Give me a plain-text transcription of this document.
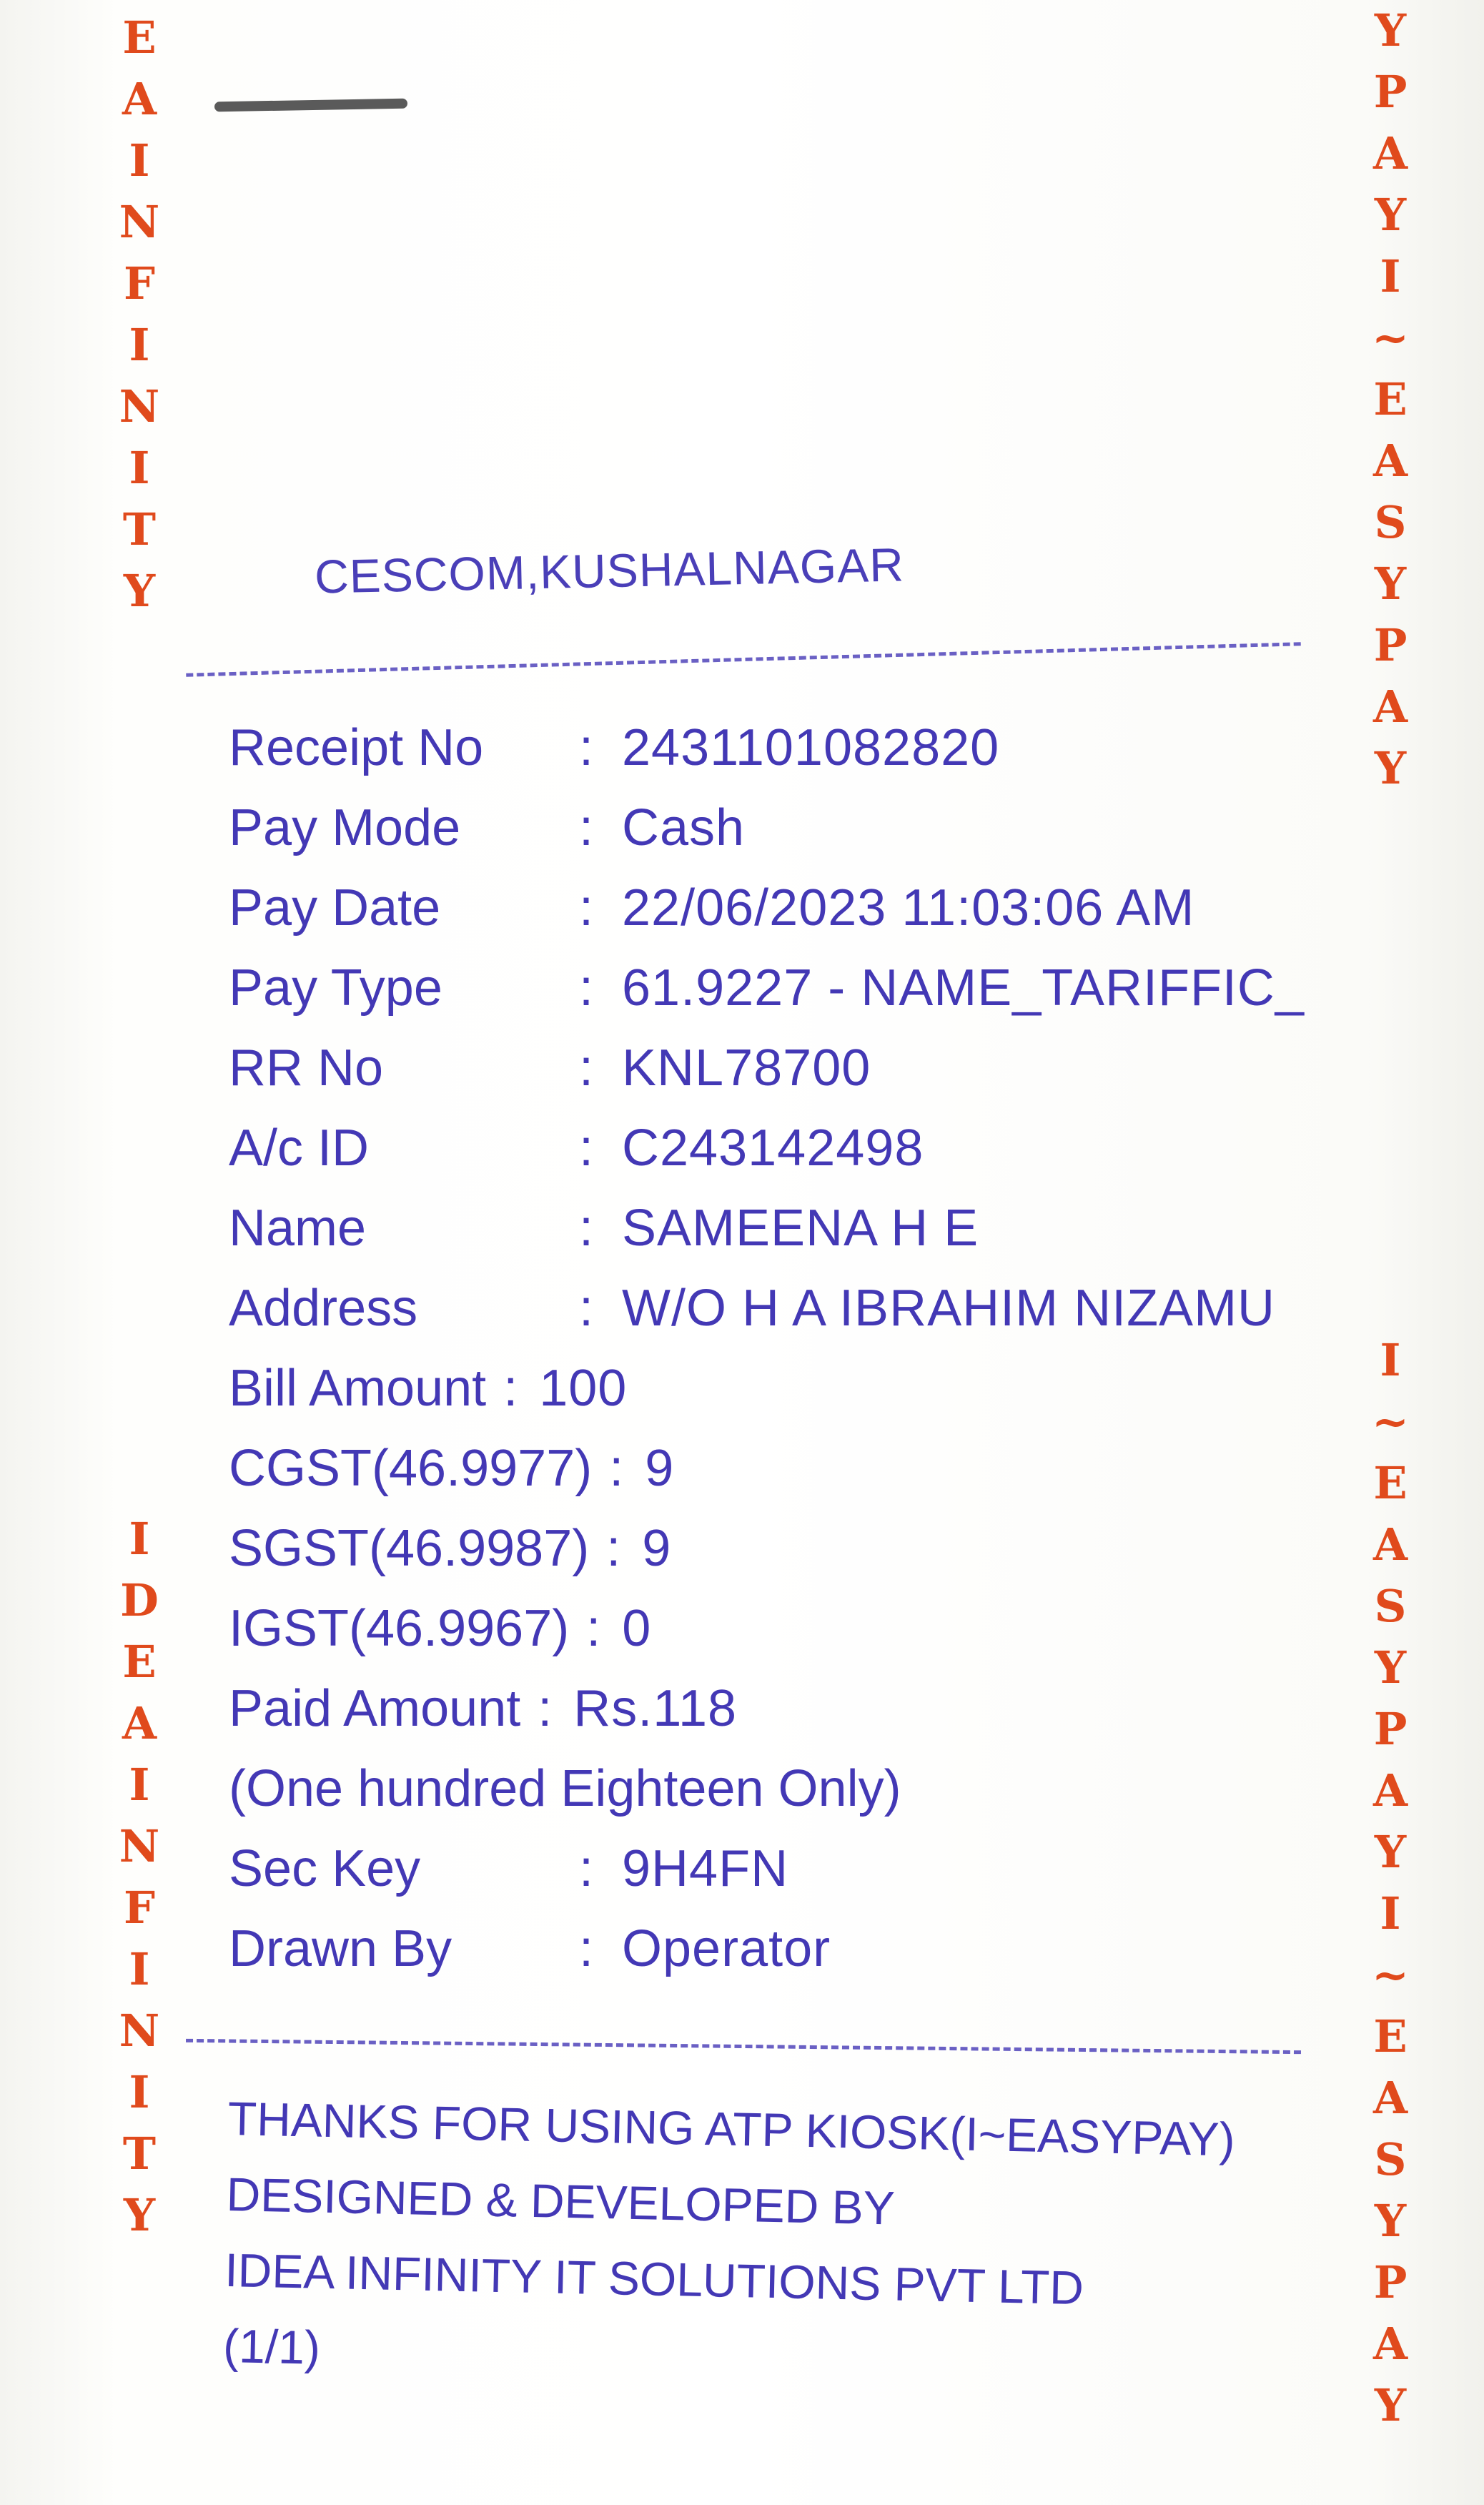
E
A
I
N
F
I
N
I
T
Y
I
D
E
A
I
N
F
I
N
I
T
Y
Y
P
A
Y
I
~
E
A
S
Y
P
A
Y
I
~
E
A
S
Y
P
A
Y
I
~
E
A
S
Y
P
A
Y
CESCOM,KUSHALNAGAR
Receipt No	: 2431101082820
Pay Mode	: Cash
Pay Date	: 22/06/2023 11:03:06 AM
Pay Type	: 61.9227 - NAME_TARIFFIC_
RR No	: KNL78700
A/c ID	: C243142498
Name	: SAMEENA H E
Address	: W/O H A IBRAHIM NIZAMU
Bill Amount : 100
CGST(46.9977) : 9
SGST(46.9987) : 9
IGST(46.9967) : 0
Paid Amount : Rs.118
(One hundred Eighteen Only)
Sec Key	: 9H4FN
Drawn By	: Operator
THANKS FOR USING ATP KIOSK(I~EASYPAY)
DESIGNED & DEVELOPED BY
IDEA INFINITY IT SOLUTIONS PVT LTD
(1/1)
